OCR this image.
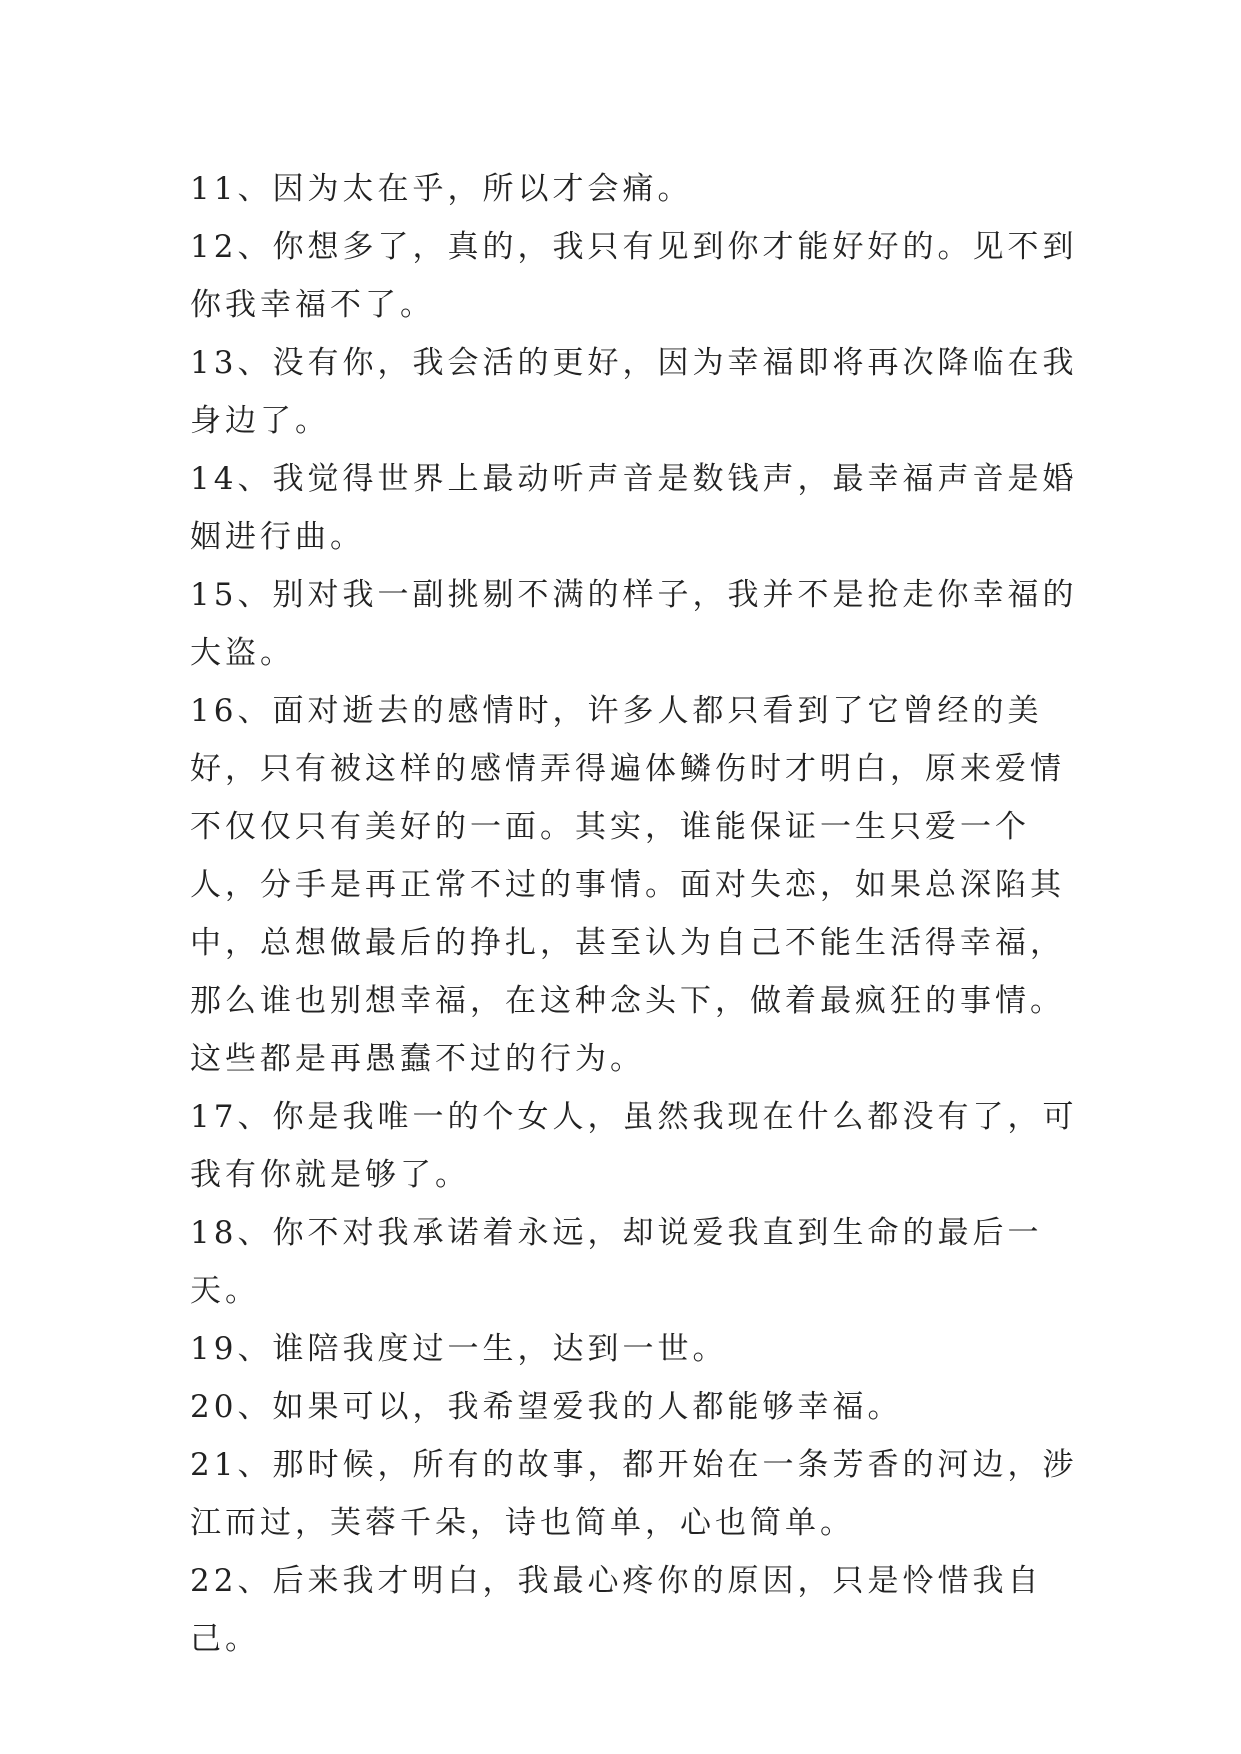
11、因为太在乎，所以才会痛。

12、你想多了，真的，我只有见到你才能好好的。见不到你我幸福不了。

13、没有你，我会活的更好，因为幸福即将再次降临在我身边了。

14、我觉得世界上最动听声音是数钱声，最幸福声音是婚姻进行曲。

15、别对我一副挑剔不满的样子，我并不是抢走你幸福的大盗。

16、面对逝去的感情时，许多人都只看到了它曾经的美好，只有被这样的感情弄得遍体鳞伤时才明白，原来爱情不仅仅只有美好的一面。其实，谁能保证一生只爱一个人，分手是再正常不过的事情。面对失恋，如果总深陷其中，总想做最后的挣扎，甚至认为自己不能生活得幸福，那么谁也别想幸福，在这种念头下，做着最疯狂的事情。这些都是再愚蠢不过的行为。

17、你是我唯一的个女人，虽然我现在什么都没有了，可我有你就是够了。

18、你不对我承诺着永远，却说爱我直到生命的最后一天。

19、谁陪我度过一生，达到一世。

20、如果可以，我希望爱我的人都能够幸福。

21、那时候，所有的故事，都开始在一条芳香的河边，涉江而过，芙蓉千朵，诗也简单，心也简单。

22、后来我才明白，我最心疼你的原因，只是怜惜我自己。
